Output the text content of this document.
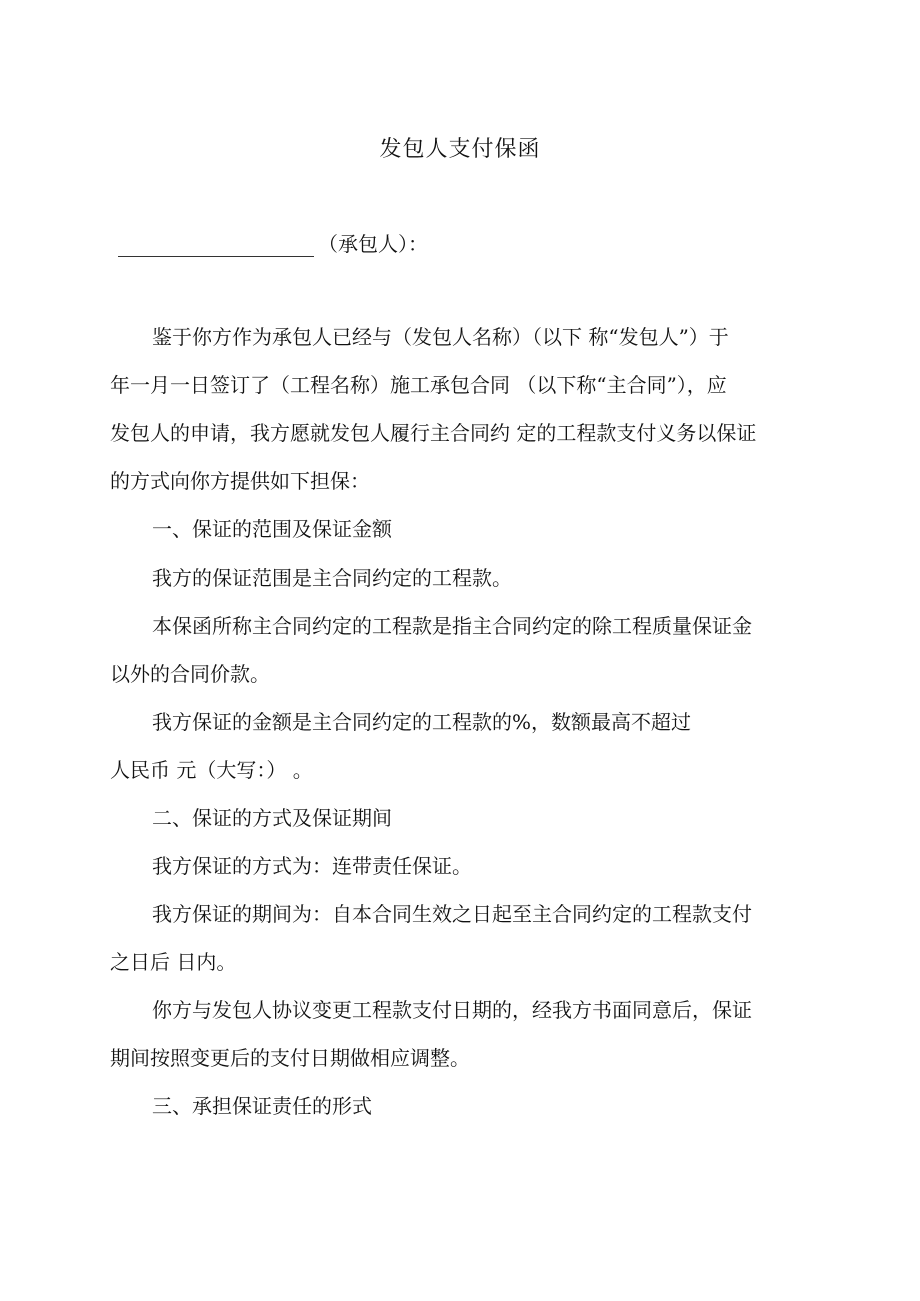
发包人支付保函
（承包人）：
鉴于你方作为承包人已经与（发包人名称）（以下 称“发包人”）于
年一月一日签订了（工程名称）施工承包合同 （以下称“主合同”），应
发包人的申请，我方愿就发包人履行主合同约 定的工程款支付义务以保证
的方式向你方提供如下担保：
一、保证的范围及保证金额
我方的保证范围是主合同约定的工程款。
本保函所称主合同约定的工程款是指主合同约定的除工程质量保证金
以外的合同价款。
我方保证的金额是主合同约定的工程款的%，数额最高不超过
人民币 元（大写：） 。
二、保证的方式及保证期间
我方保证的方式为：连带责任保证。
我方保证的期间为：自本合同生效之日起至主合同约定的工程款支付
之日后 日内。
你方与发包人协议变更工程款支付日期的，经我方书面同意后，保证
期间按照变更后的支付日期做相应调整。
三、承担保证责任的形式
